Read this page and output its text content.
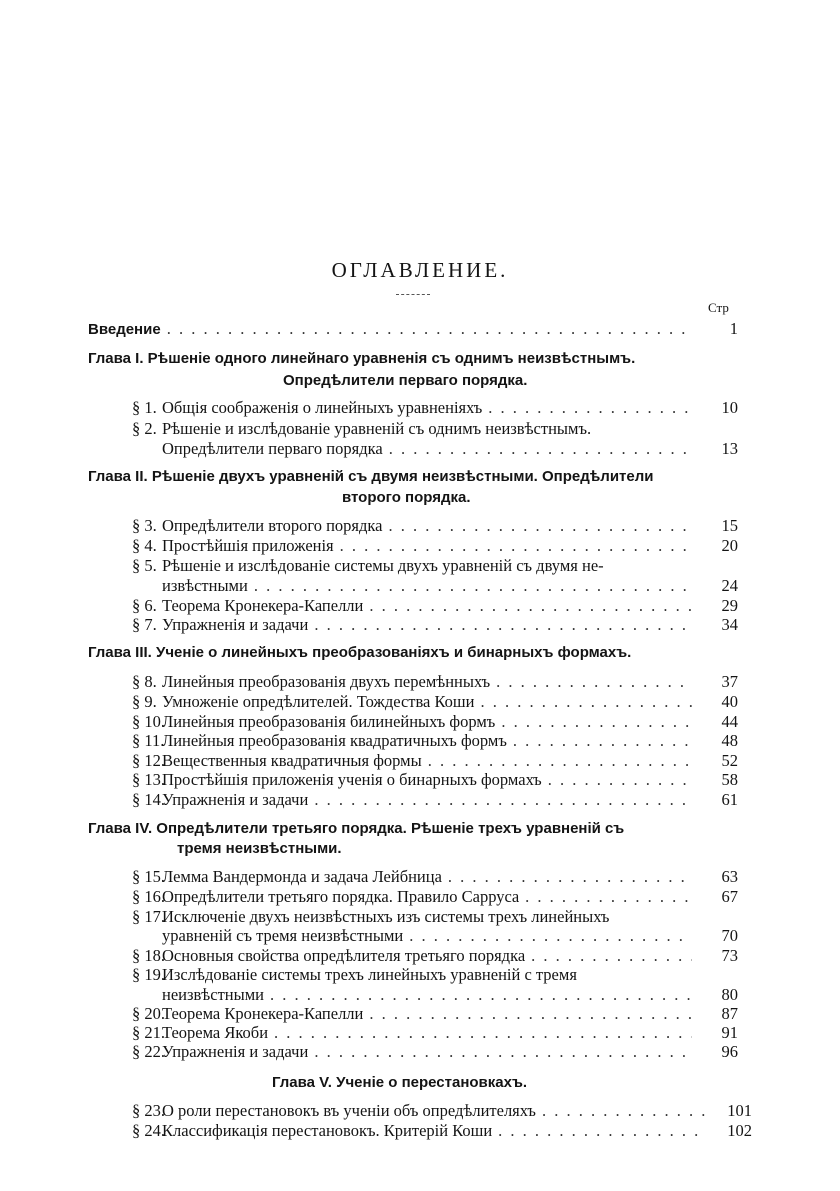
ОГЛАВЛЕНИЕ.
Стр
Введение . . .	1
Глава I. Рѣшеніе одного линейнаго уравненія съ однимъ неизвѣстнымъ.
Опредѣлители перваго порядка.
§ 1. Общія соображенія о линейныхъ уравненіяхъ . . .	10
§ 2. Рѣшеніе и изслѣдованіе уравненій съ однимъ неизвѣстнымъ.
Опредѣлители перваго порядка . . .	13
Глава II. Рѣшеніе двухъ уравненій съ двумя неизвѣстными. Опредѣлители
второго порядка.
§ 3. Опредѣлители второго порядка . . .	15
§ 4. Простѣйшія приложенія . . .	20
§ 5. Рѣшеніе и изслѣдованіе системы двухъ уравненій съ двумя не-
извѣстными . . .	24
§ 6. Теорема Кронекера-Капелли . . .	29
§ 7. Упражненія и задачи . . .	34
Глава III. Ученіе о линейныхъ преобразованіяхъ и бинарныхъ формахъ.
§ 8. Линейныя преобразованія двухъ перемѣнныхъ . . .	37
§ 9. Умноженіе опредѣлителей. Тождества Коши . . .	40
§ 10.Линейныя преобразованія билинейныхъ формъ . . .	44
§ 11.Линейныя преобразованія квадратичныхъ формъ . . .	48
§ 12.Вещественныя квадратичныя формы . . .	52
§ 13.Простѣйшія приложенія ученія о бинарныхъ формахъ . . .	58
§ 14.Упражненія и задачи . . .	61
Глава IV. Опредѣлители третьяго порядка. Рѣшеніе трехъ уравненій съ
тремя неизвѣстными.
§ 15.Лемма Вандермонда и задача Лейбница . . .	63
§ 16.Опредѣлители третьяго порядка. Правило Саррусa . . .	67
§ 17.Исключеніе двухъ неизвѣстныхъ изъ системы трехъ линейныхъ
уравненій съ тремя неизвѣстными . . .	70
§ 18.Основныя свойства опредѣлителя третьяго порядка . . .	73
§ 19.Изслѣдованіе системы трехъ линейныхъ уравненій с тремя
неизвѣстными . . .	80
§ 20.Теорема Кронекера-Капелли . . .	87
§ 21.Теорема Якоби . . .	91
§ 22.Упражненія и задачи . . .	96
Глава V. Ученіе о перестановкахъ.
§ 23.О роли перестановокъ въ ученіи объ опредѣлителяхъ . . .	101
§ 24.Классификація перестановокъ. Критерій Коши . . .	102
